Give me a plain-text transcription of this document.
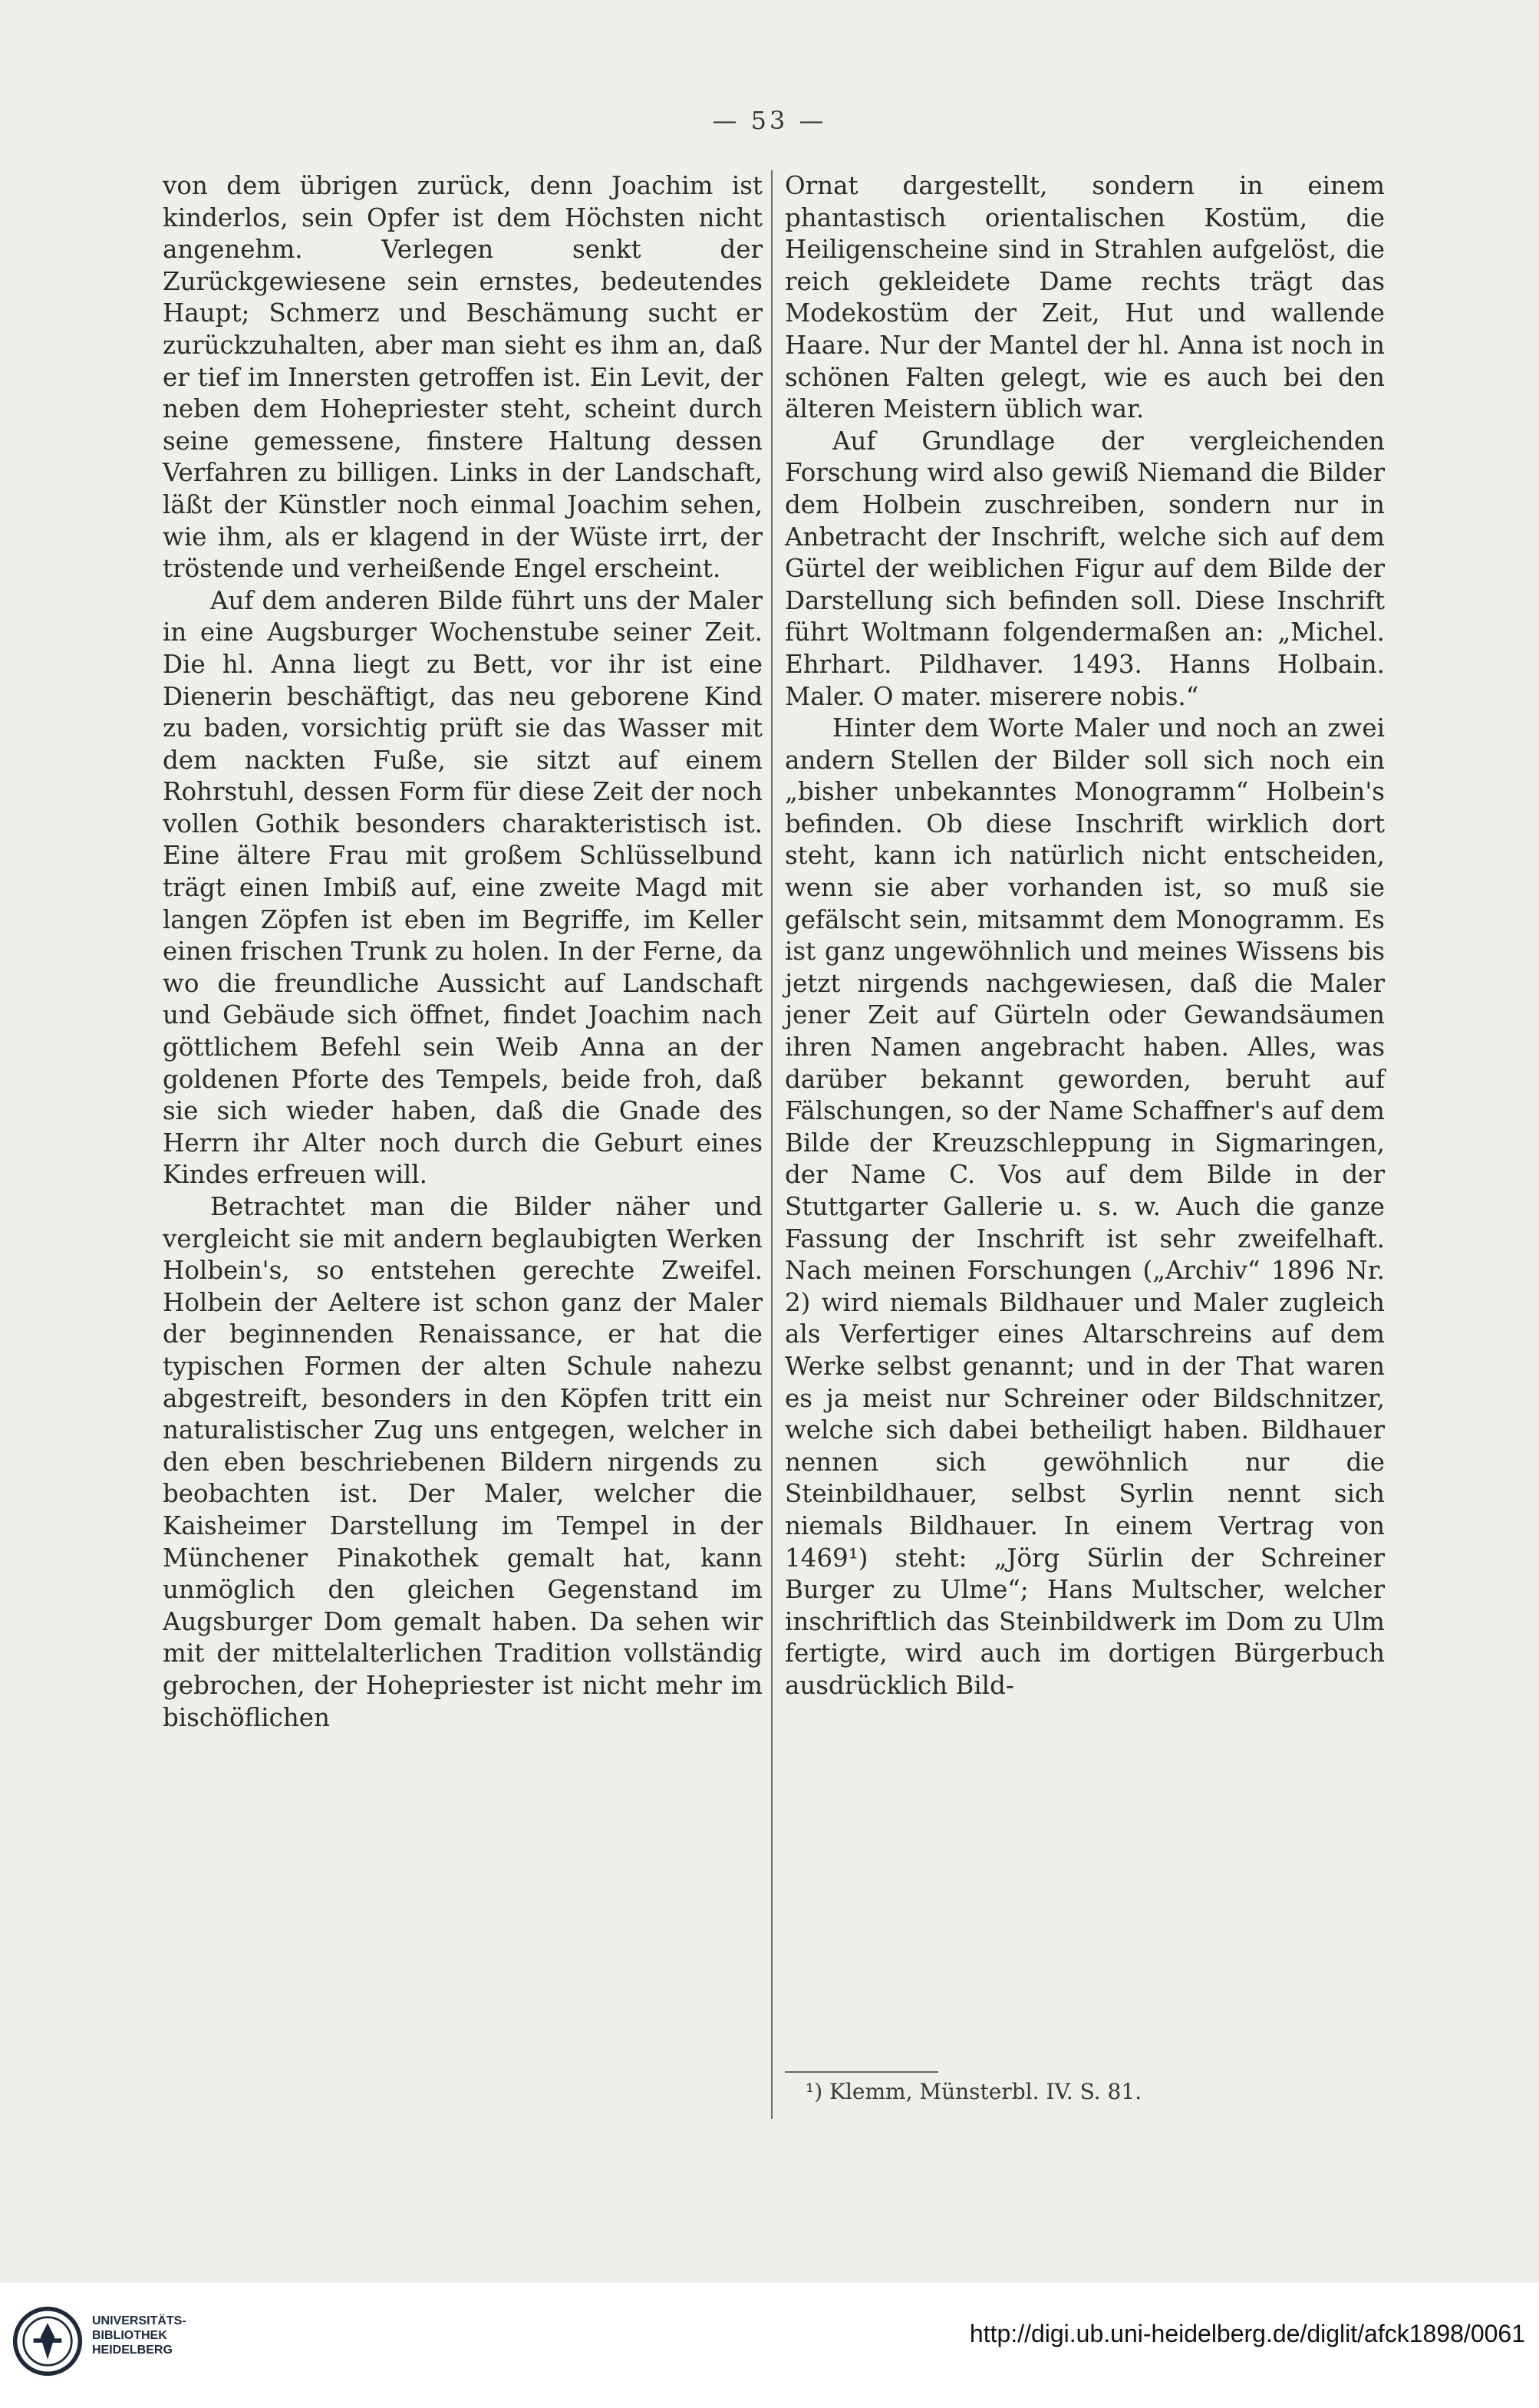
— 53 —

von dem übrigen zurück, denn Joachim ist kinderlos, sein Opfer ist dem Höchsten nicht angenehm. Verlegen senkt der Zurückgewiesene sein ernstes, bedeutendes Haupt; Schmerz und Beschämung sucht er zurückzuhalten, aber man sieht es ihm an, daß er tief im Innersten getroffen ist. Ein Levit, der neben dem Hohepriester steht, scheint durch seine gemessene, finstere Haltung dessen Verfahren zu billigen. Links in der Landschaft, läßt der Künstler noch einmal Joachim sehen, wie ihm, als er klagend in der Wüste irrt, der tröstende und verheißende Engel erscheint.

Auf dem anderen Bilde führt uns der Maler in eine Augsburger Wochenstube seiner Zeit. Die hl. Anna liegt zu Bett, vor ihr ist eine Dienerin beschäftigt, das neu geborene Kind zu baden, vorsichtig prüft sie das Wasser mit dem nackten Fuße, sie sitzt auf einem Rohrstuhl, dessen Form für diese Zeit der noch vollen Gothik besonders charakteristisch ist. Eine ältere Frau mit großem Schlüsselbund trägt einen Imbiß auf, eine zweite Magd mit langen Zöpfen ist eben im Begriffe, im Keller einen frischen Trunk zu holen. In der Ferne, da wo die freundliche Aussicht auf Landschaft und Gebäude sich öffnet, findet Joachim nach göttlichem Befehl sein Weib Anna an der goldenen Pforte des Tempels, beide froh, daß sie sich wieder haben, daß die Gnade des Herrn ihr Alter noch durch die Geburt eines Kindes erfreuen will.

Betrachtet man die Bilder näher und vergleicht sie mit andern beglaubigten Werken Holbein's, so entstehen gerechte Zweifel. Holbein der Aeltere ist schon ganz der Maler der beginnenden Renaissance, er hat die typischen Formen der alten Schule nahezu abgestreift, besonders in den Köpfen tritt ein naturalistischer Zug uns entgegen, welcher in den eben beschriebenen Bildern nirgends zu beobachten ist. Der Maler, welcher die Kaisheimer Darstellung im Tempel in der Münchener Pinakothek gemalt hat, kann unmöglich den gleichen Gegenstand im Augsburger Dom gemalt haben. Da sehen wir mit der mittelalterlichen Tradition vollständig gebrochen, der Hohepriester ist nicht mehr im bischöflichen

Ornat dargestellt, sondern in einem phantastisch orientalischen Kostüm, die Heiligenscheine sind in Strahlen aufgelöst, die reich gekleidete Dame rechts trägt das Modekostüm der Zeit, Hut und wallende Haare. Nur der Mantel der hl. Anna ist noch in schönen Falten gelegt, wie es auch bei den älteren Meistern üblich war.

Auf Grundlage der vergleichenden Forschung wird also gewiß Niemand die Bilder dem Holbein zuschreiben, sondern nur in Anbetracht der Inschrift, welche sich auf dem Gürtel der weiblichen Figur auf dem Bilde der Darstellung sich befinden soll. Diese Inschrift führt Woltmann folgendermaßen an: „Michel. Ehrhart. Pildhaver. 1493. Hanns Holbain. Maler. O mater. miserere nobis.“

Hinter dem Worte Maler und noch an zwei andern Stellen der Bilder soll sich noch ein „bisher unbekanntes Monogramm“ Holbein's befinden. Ob diese Inschrift wirklich dort steht, kann ich natürlich nicht entscheiden, wenn sie aber vorhanden ist, so muß sie gefälscht sein, mitsammt dem Monogramm. Es ist ganz ungewöhnlich und meines Wissens bis jetzt nirgends nachgewiesen, daß die Maler jener Zeit auf Gürteln oder Gewandsäumen ihren Namen angebracht haben. Alles, was darüber bekannt geworden, beruht auf Fälschungen, so der Name Schaffner's auf dem Bilde der Kreuzschleppung in Sigmaringen, der Name C. Vos auf dem Bilde in der Stuttgarter Gallerie u. s. w. Auch die ganze Fassung der Inschrift ist sehr zweifelhaft. Nach meinen Forschungen („Archiv“ 1896 Nr. 2) wird niemals Bildhauer und Maler zugleich als Verfertiger eines Altarschreins auf dem Werke selbst genannt; und in der That waren es ja meist nur Schreiner oder Bildschnitzer, welche sich dabei betheiligt haben. Bildhauer nennen sich gewöhnlich nur die Steinbildhauer, selbst Syrlin nennt sich niemals Bildhauer. In einem Vertrag von 1469¹) steht: „Jörg Sürlin der Schreiner Burger zu Ulme“; Hans Multscher, welcher inschriftlich das Steinbildwerk im Dom zu Ulm fertigte, wird auch im dortigen Bürgerbuch ausdrücklich Bild-

¹) Klemm, Münsterbl. IV. S. 81.
UNIVERSITÄTS-
BIBLIOTHEK
HEIDELBERG
http://digi.ub.uni-heidelberg.de/diglit/afck1898/0061
